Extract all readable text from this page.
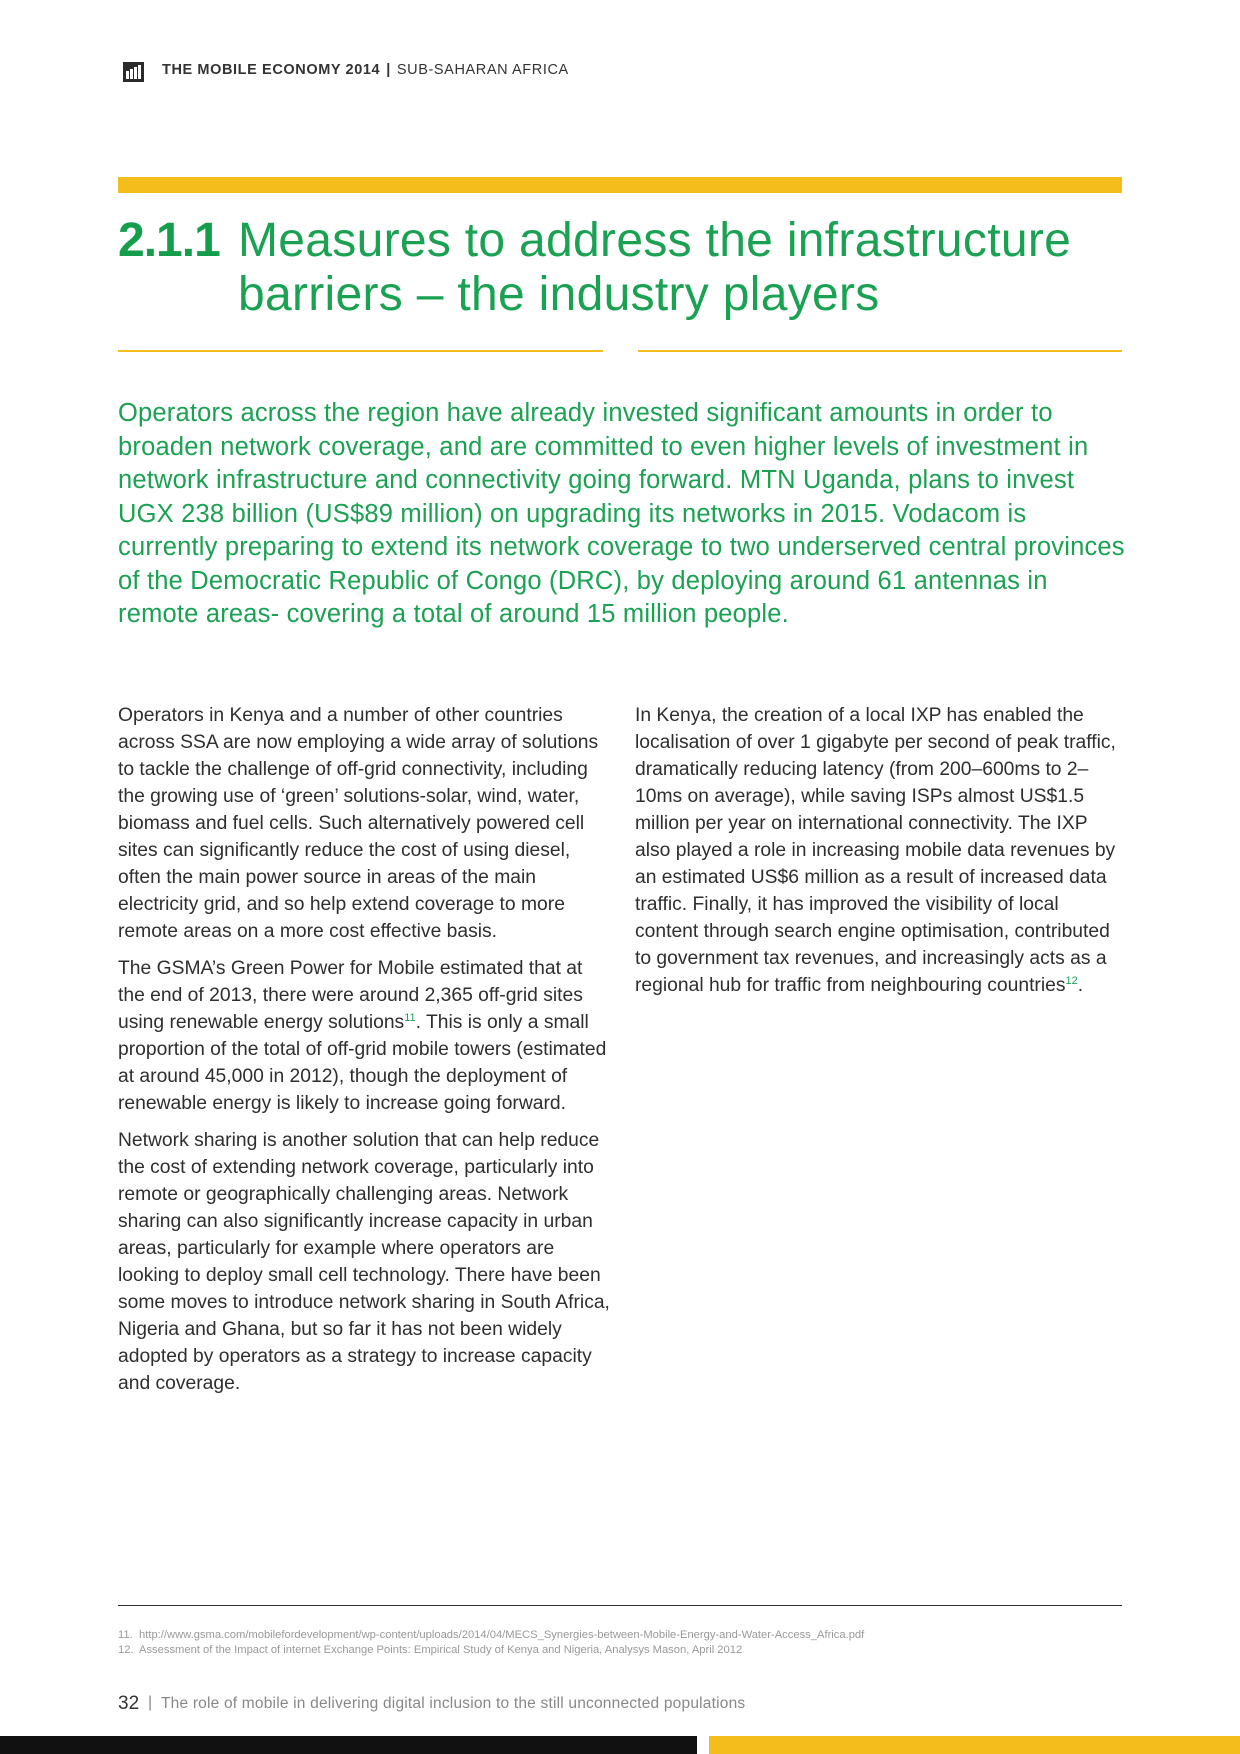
THE MOBILE ECONOMY 2014 | SUB-SAHARAN AFRICA
2.1.1 Measures to address the infrastructure barriers – the industry players
Operators across the region have already invested significant amounts in order to broaden network coverage, and are committed to even higher levels of investment in network infrastructure and connectivity going forward. MTN Uganda, plans to invest UGX 238 billion (US$89 million) on upgrading its networks in 2015. Vodacom is currently preparing to extend its network coverage to two underserved central provinces of the Democratic Republic of Congo (DRC), by deploying around 61 antennas in remote areas- covering a total of around 15 million people.

Operators in Kenya and a number of other countries across SSA are now employing a wide array of solutions to tackle the challenge of off-grid connectivity, including the growing use of ‘green’ solutions-solar, wind, water, biomass and fuel cells. Such alternatively powered cell sites can significantly reduce the cost of using diesel, often the main power source in areas of the main electricity grid, and so help extend coverage to more remote areas on a more cost effective basis.

The GSMA’s Green Power for Mobile estimated that at the end of 2013, there were around 2,365 off-grid sites using renewable energy solutions$^{11}$. This is only a small proportion of the total of off-grid mobile towers (estimated at around 45,000 in 2012), though the deployment of renewable energy is likely to increase going forward.

Network sharing is another solution that can help reduce the cost of extending network coverage, particularly into remote or geographically challenging areas. Network sharing can also significantly increase capacity in urban areas, particularly for example where operators are looking to deploy small cell technology. There have been some moves to introduce network sharing in South Africa, Nigeria and Ghana, but so far it has not been widely adopted by operators as a strategy to increase capacity and coverage.

In Kenya, the creation of a local IXP has enabled the localisation of over 1 gigabyte per second of peak traffic, dramatically reducing latency (from 200–600ms to 2–10ms on average), while saving ISPs almost US$1.5 million per year on international connectivity. The IXP also played a role in increasing mobile data revenues by an estimated US$6 million as a result of increased data traffic. Finally, it has improved the visibility of local content through search engine optimisation, contributed to government tax revenues, and increasingly acts as a regional hub for traffic from neighbouring countries$^{12}$.

11. http://www.gsma.com/mobilefordevelopment/wp-content/uploads/2014/04/MECS_Synergies-between-Mobile-Energy-and-Water-Access_Africa.pdf
12. Assessment of the Impact of internet Exchange Points: Empirical Study of Kenya and Nigeria, Analysys Mason, April 2012
32 | The role of mobile in delivering digital inclusion to the still unconnected populations
